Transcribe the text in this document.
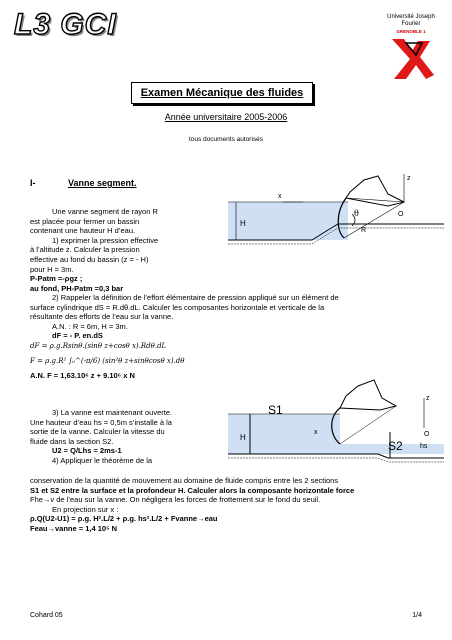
L3 GCI	Université Joseph Fourier
GRENOBLE 1
Examen Mécanique des fluides
Année universitaire 2005-2006
tous documents autorisés
I-	Vanne segment.
H
x
θ
R
z
O
Une vanne segment de rayon R
est placée pour fermer un bassin
contenant une hauteur H d’eau.
1) exprimer la pression effective
à l’altitude z. Calculer la pression
effective au fond du bassin (z = - H)
pour H = 3m.
P-Patm =-ρgz ;
au fond, PH-Patm =0,3 bar
2) Rappeler la définition de l’effort élémentaire de pression appliqué sur un élément de
surface cylindrique dS = R.dθ.dL. Calculer les composantes horizontale et verticale de la
résultante des efforts de l’eau sur la vanne.
A.N. : R = 6m, H = 3m.
dF = - P. en.dS
dF = ρ.g.Rsinθ.(sinθ z+cosθ x).Rdθ.dL
F = ρ.g.R² ∫₀^(-π/6) (sin²θ z+sinθcosθ x).dθ
A.N. F = 1,63.10⁶ z + 9.10⁶ x N
H
S1
x
S2
z
O
hs
3) La vanne est maintenant ouverte.
Une hauteur d’eau hs = 0,5m s’installe à la
sortie de la vanne. Calculer la vitesse du
fluide dans la section S2.
U2 = Q/Lhs = 2ms-1
4) Appliquer le théorème de la
conservation de la quantité de mouvement au domaine de fluide compris entre les 2 sections
S1 et S2 entre la surface et la profondeur H. Calculer alors la composante horizontale force
Fhe→v de l’eau sur la vanne. On négligera les forces de frottement sur le fond du seuil.
En projection sur x :
ρ.Q(U2-U1) = ρ.g. H².L/2 + ρ.g. hs².L/2 + Fvanne→eau
Feau→vanne = 1,4 10⁵ N
Cohard 05	1/4
